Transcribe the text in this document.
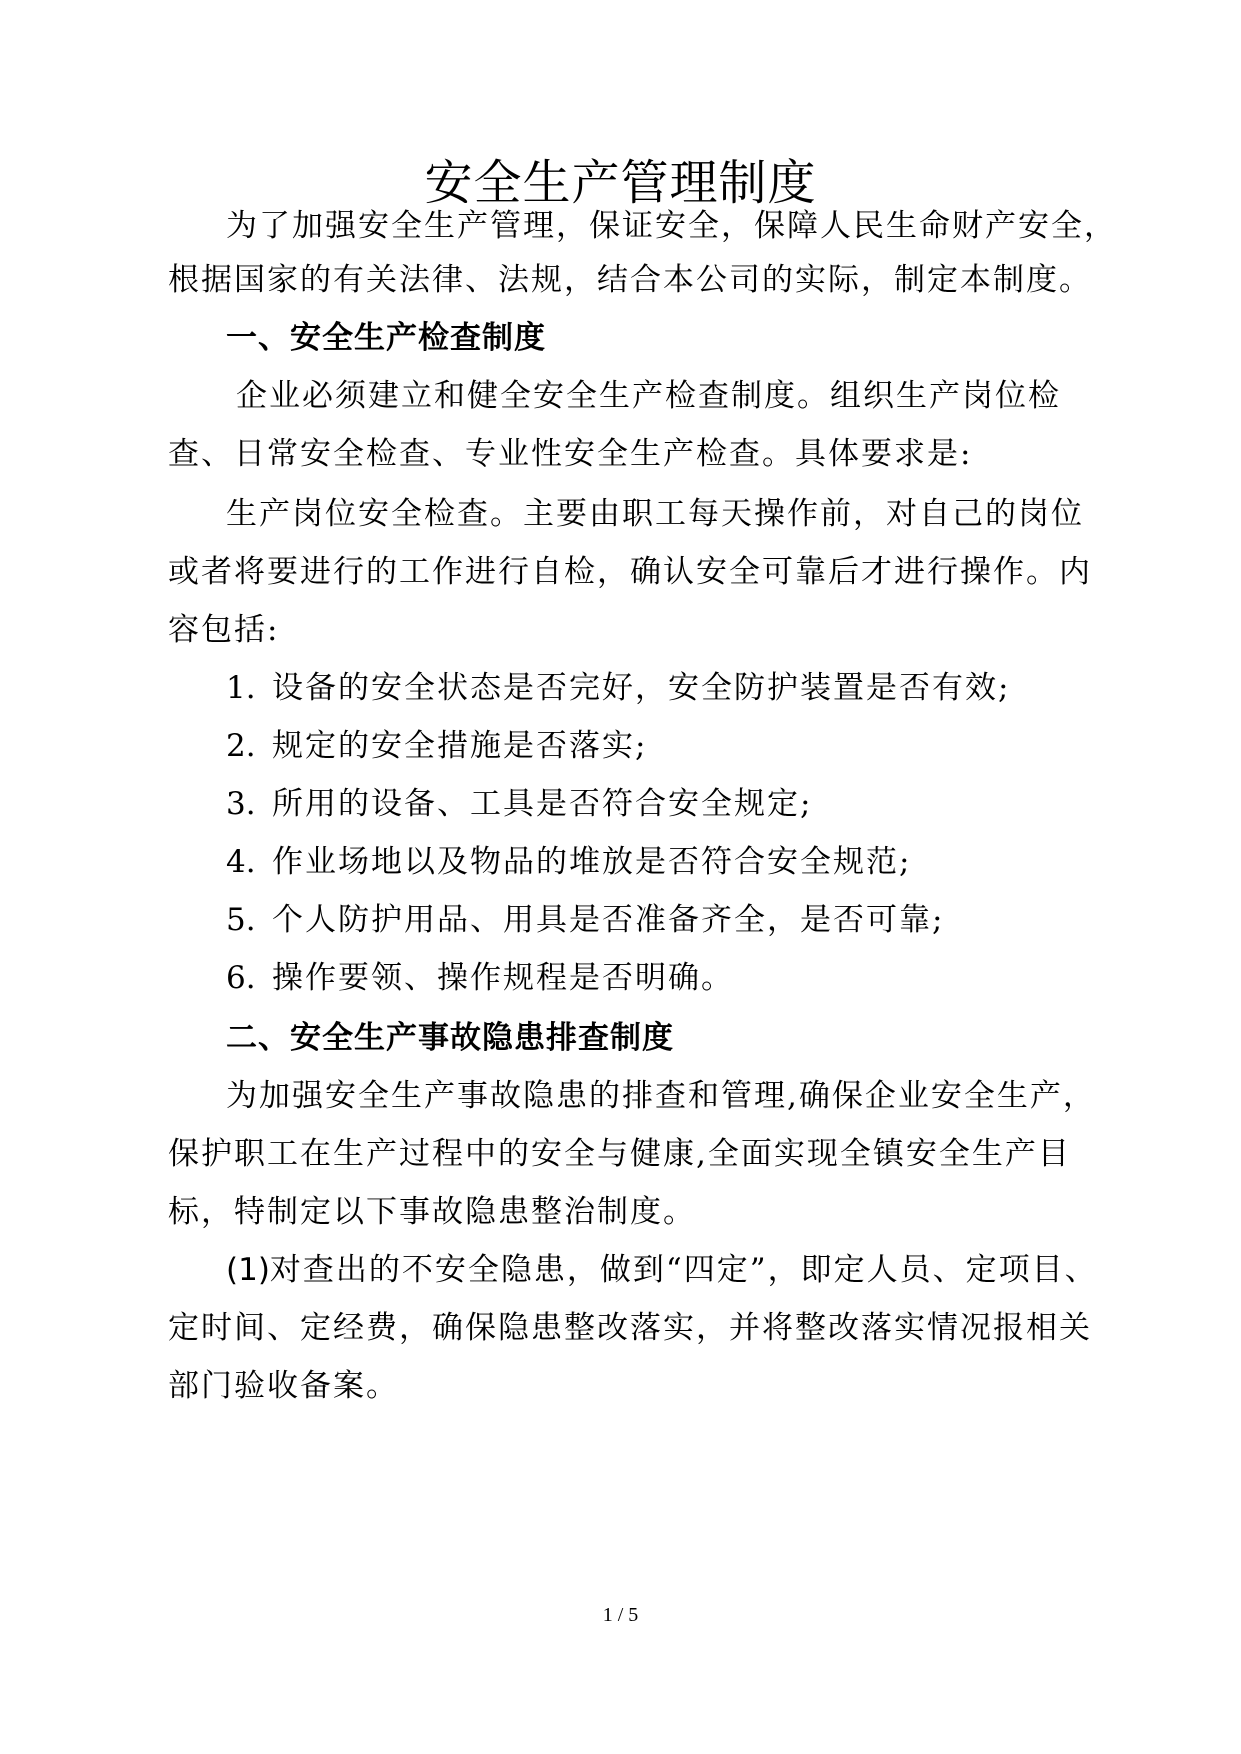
安全生产管理制度
为了加强安全生产管理，保证安全，保障人民生命财产安全，
根据国家的有关法律、法规，结合本公司的实际，制定本制度。
一、安全生产检查制度
企业必须建立和健全安全生产检查制度。组织生产岗位检
查、日常安全检查、专业性安全生产检查。具体要求是:
生产岗位安全检查。主要由职工每天操作前，对自己的岗位
或者将要进行的工作进行自检，确认安全可靠后才进行操作。内
容包括:
1. 设备的安全状态是否完好，安全防护装置是否有效;
2. 规定的安全措施是否落实;
3. 所用的设备、工具是否符合安全规定;
4. 作业场地以及物品的堆放是否符合安全规范;
5. 个人防护用品、用具是否准备齐全，是否可靠;
6. 操作要领、操作规程是否明确。
二、安全生产事故隐患排查制度
为加强安全生产事故隐患的排查和管理,确保企业安全生产，
保护职工在生产过程中的安全与健康,全面实现全镇安全生产目
标，特制定以下事故隐患整治制度。
(1)对查出的不安全隐患，做到“四定”，即定人员、定项目、
定时间、定经费，确保隐患整改落实，并将整改落实情况报相关
部门验收备案。
1 / 5
